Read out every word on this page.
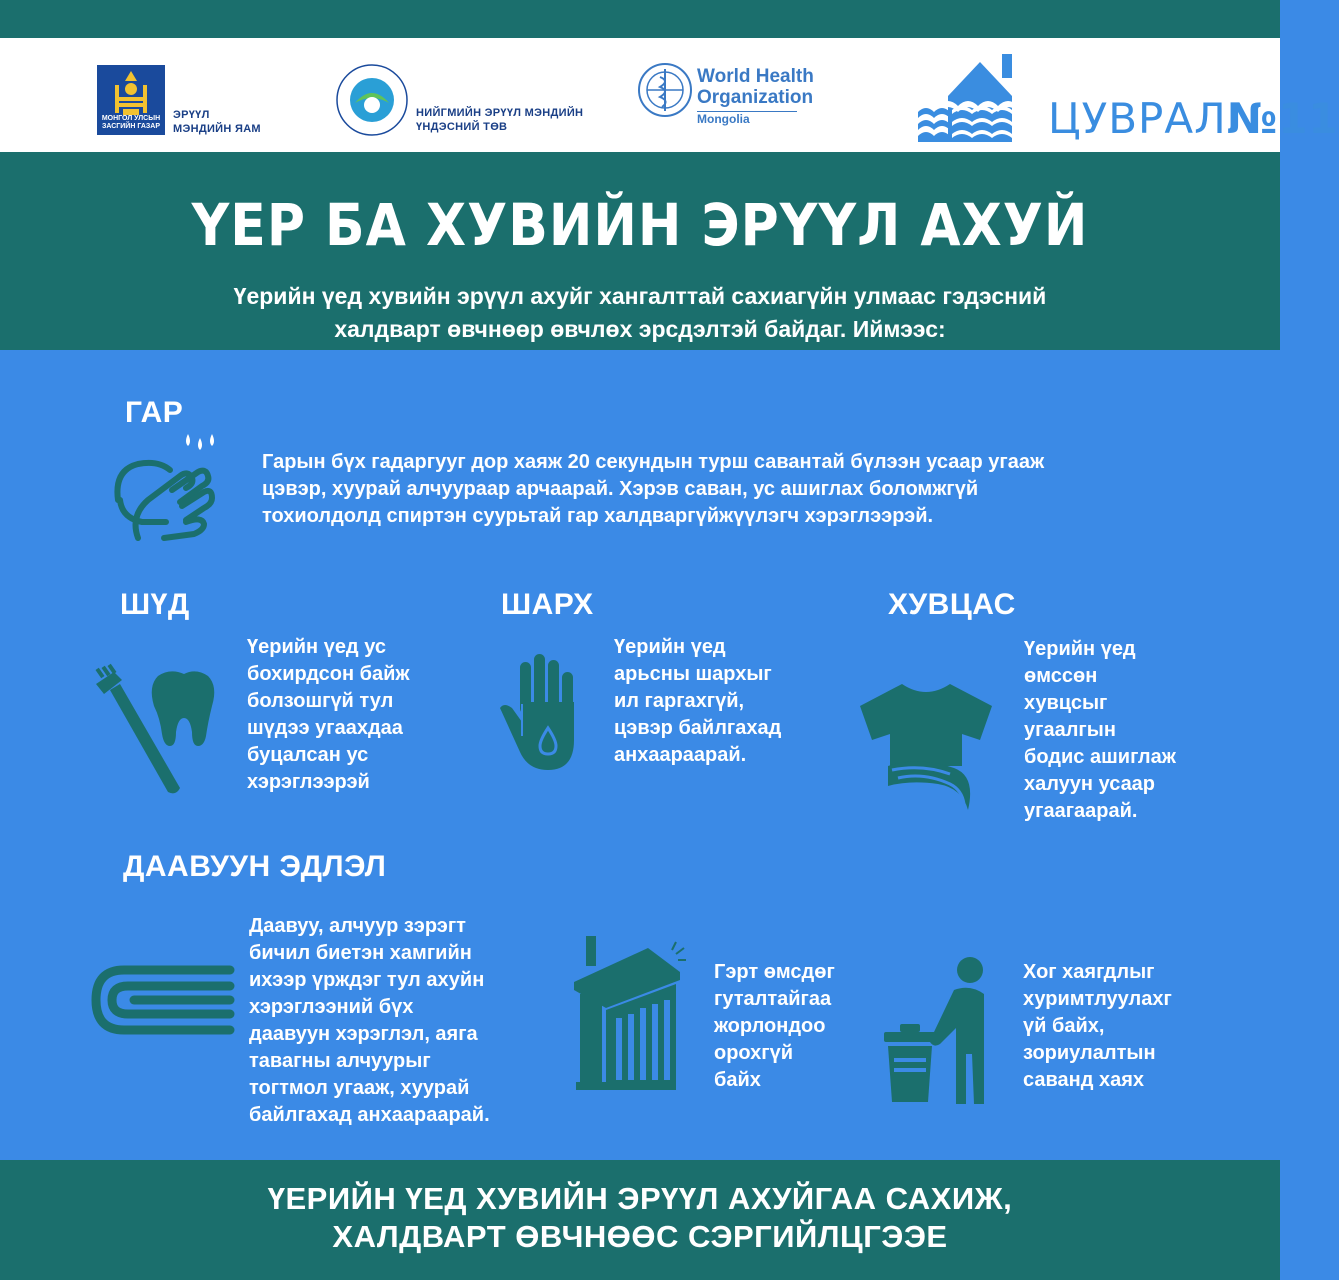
МОНГОЛ УЛСЫН ЗАСГИЙН ГАЗАР
ЭРҮҮЛ
МЭНДИЙН ЯАМ
НИЙГМИЙН ЭРҮҮЛ МЭНДИЙН
ҮНДЭСНИЙ ТӨВ
World Health
Organization
Mongolia	ЦУВРАЛ№11
ҮЕР БА ХУВИЙН ЭРҮҮЛ АХУЙ
Үерийн үед хувийн эрүүл ахуйг хангалттай сахиагүйн улмаас гэдэсний
халдварт өвчнөөр өвчлөх эрсдэлтэй байдаг. Иймээс:
ГАР
Гарын бүх гадаргууг дор хаяж 20 секундын турш савантай бүлээн усаар угааж
цэвэр, хуурай алчуураар арчаарай. Хэрэв саван, ус ашиглах боломжгүй
тохиолдолд спиртэн суурьтай гар халдваргүйжүүлэгч хэрэглээрэй.
ШҮД
Үерийн үед ус
бохирдсон байж
болзошгүй тул
шүдээ угаахдаа
буцалсан ус
хэрэглээрэй
ШАРХ
Үерийн үед
арьсны шархыг
ил гаргахгүй,
цэвэр байлгахад
анхаараарай.
ХУВЦАС
Үерийн үед
өмссөн
хувцсыг
угаалгын
бодис ашиглаж
халуун усаар
угаагаарай.
ДААВУУН ЭДЛЭЛ
Даавуу, алчуур зэрэгт
бичил биетэн хамгийн
ихээр үрждэг тул ахуйн
хэрэглээний бүх
даавуун хэрэглэл, аяга
тавагны алчуурыг
тогтмол угааж, хуурай
байлгахад анхаараарай.
Гэрт өмсдөг
гуталтайгаа
жорлондоо
орохгүй
байх
Хог хаягдлыг
хуримтлуулахг
үй байх,
зориулалтын
саванд хаях
ҮЕРИЙН ҮЕД ХУВИЙН ЭРҮҮЛ АХУЙГАА САХИЖ,
ХАЛДВАРТ ӨВЧНӨӨС СЭРГИЙЛЦГЭЭЕ
